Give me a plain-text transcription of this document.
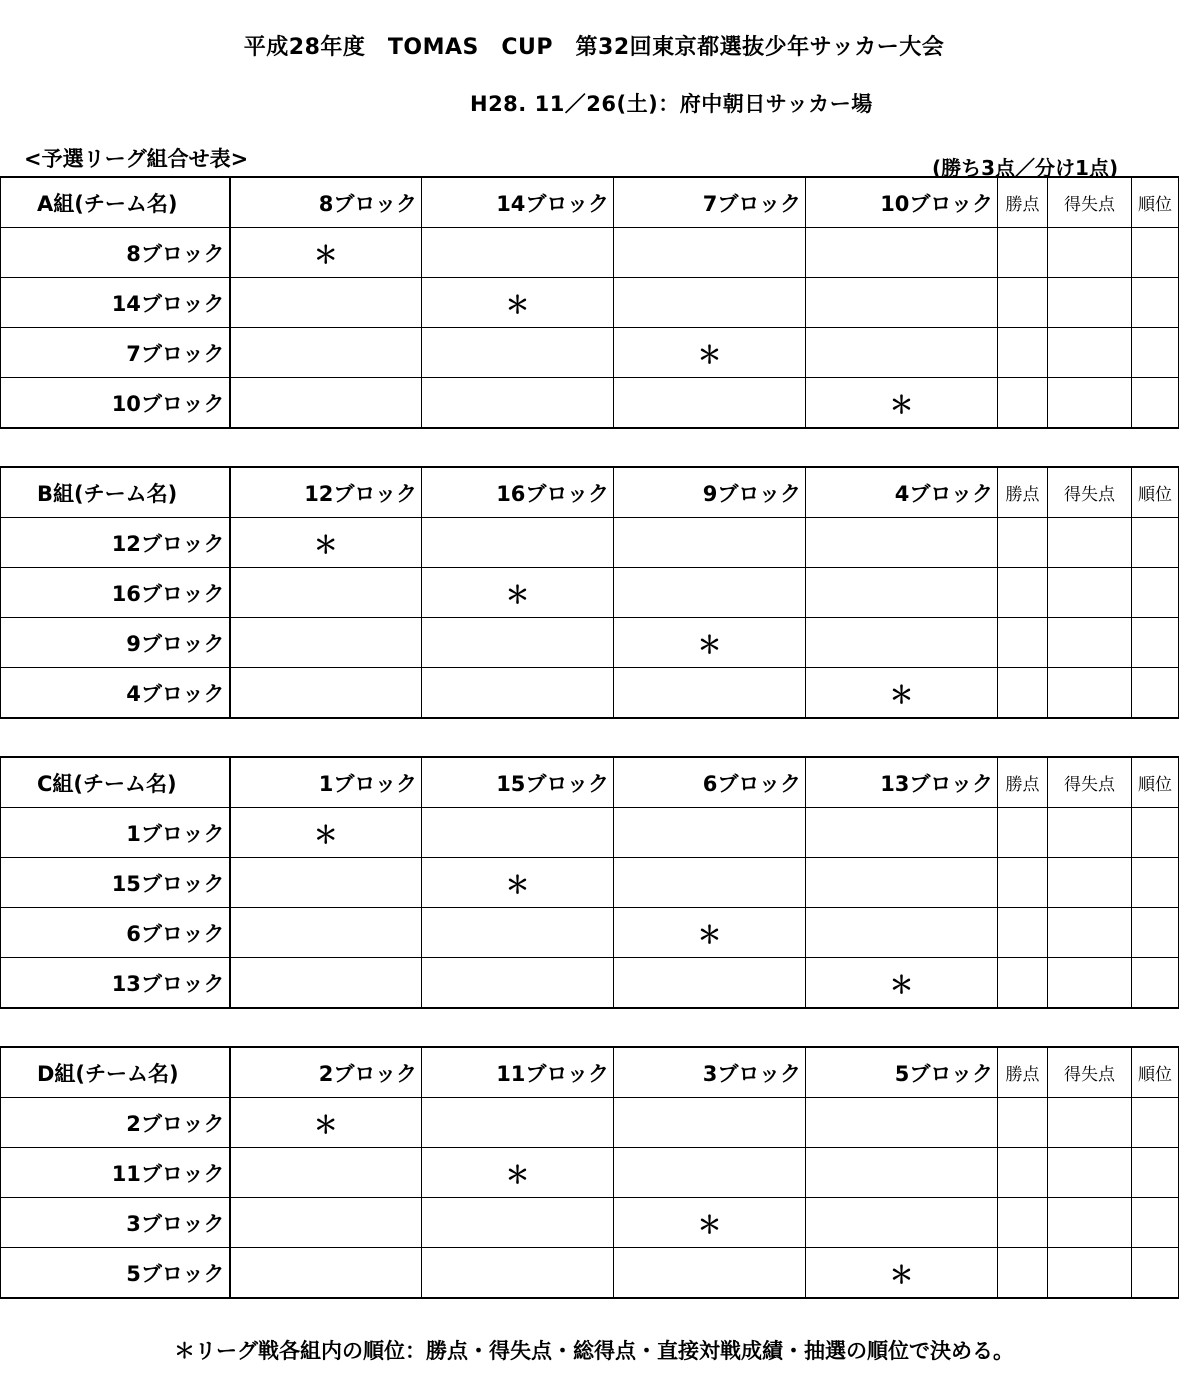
平成28年度　TOMAS　CUP　第32回東京都選抜少年サッカー大会
H28. 11／26(土)：府中朝日サッカー場
<予選リーグ組合せ表>	(勝ち3点／分け1点)
A組(チーム名)	8ブロック	14ブロック	7ブロック	10ブロック	勝点	得失点	順位
8ブロック	＊						
14ブロック		＊					
7ブロック			＊				
10ブロック				＊			
B組(チーム名)	12ブロック	16ブロック	9ブロック	4ブロック	勝点	得失点	順位
12ブロック	＊						
16ブロック		＊					
9ブロック			＊				
4ブロック				＊			
C組(チーム名)	1ブロック	15ブロック	6ブロック	13ブロック	勝点	得失点	順位
1ブロック	＊						
15ブロック		＊					
6ブロック			＊				
13ブロック				＊			
D組(チーム名)	2ブロック	11ブロック	3ブロック	5ブロック	勝点	得失点	順位
2ブロック	＊						
11ブロック		＊					
3ブロック			＊				
5ブロック				＊			
＊リーグ戦各組内の順位：勝点・得失点・総得点・直接対戦成績・抽選の順位で決める。
